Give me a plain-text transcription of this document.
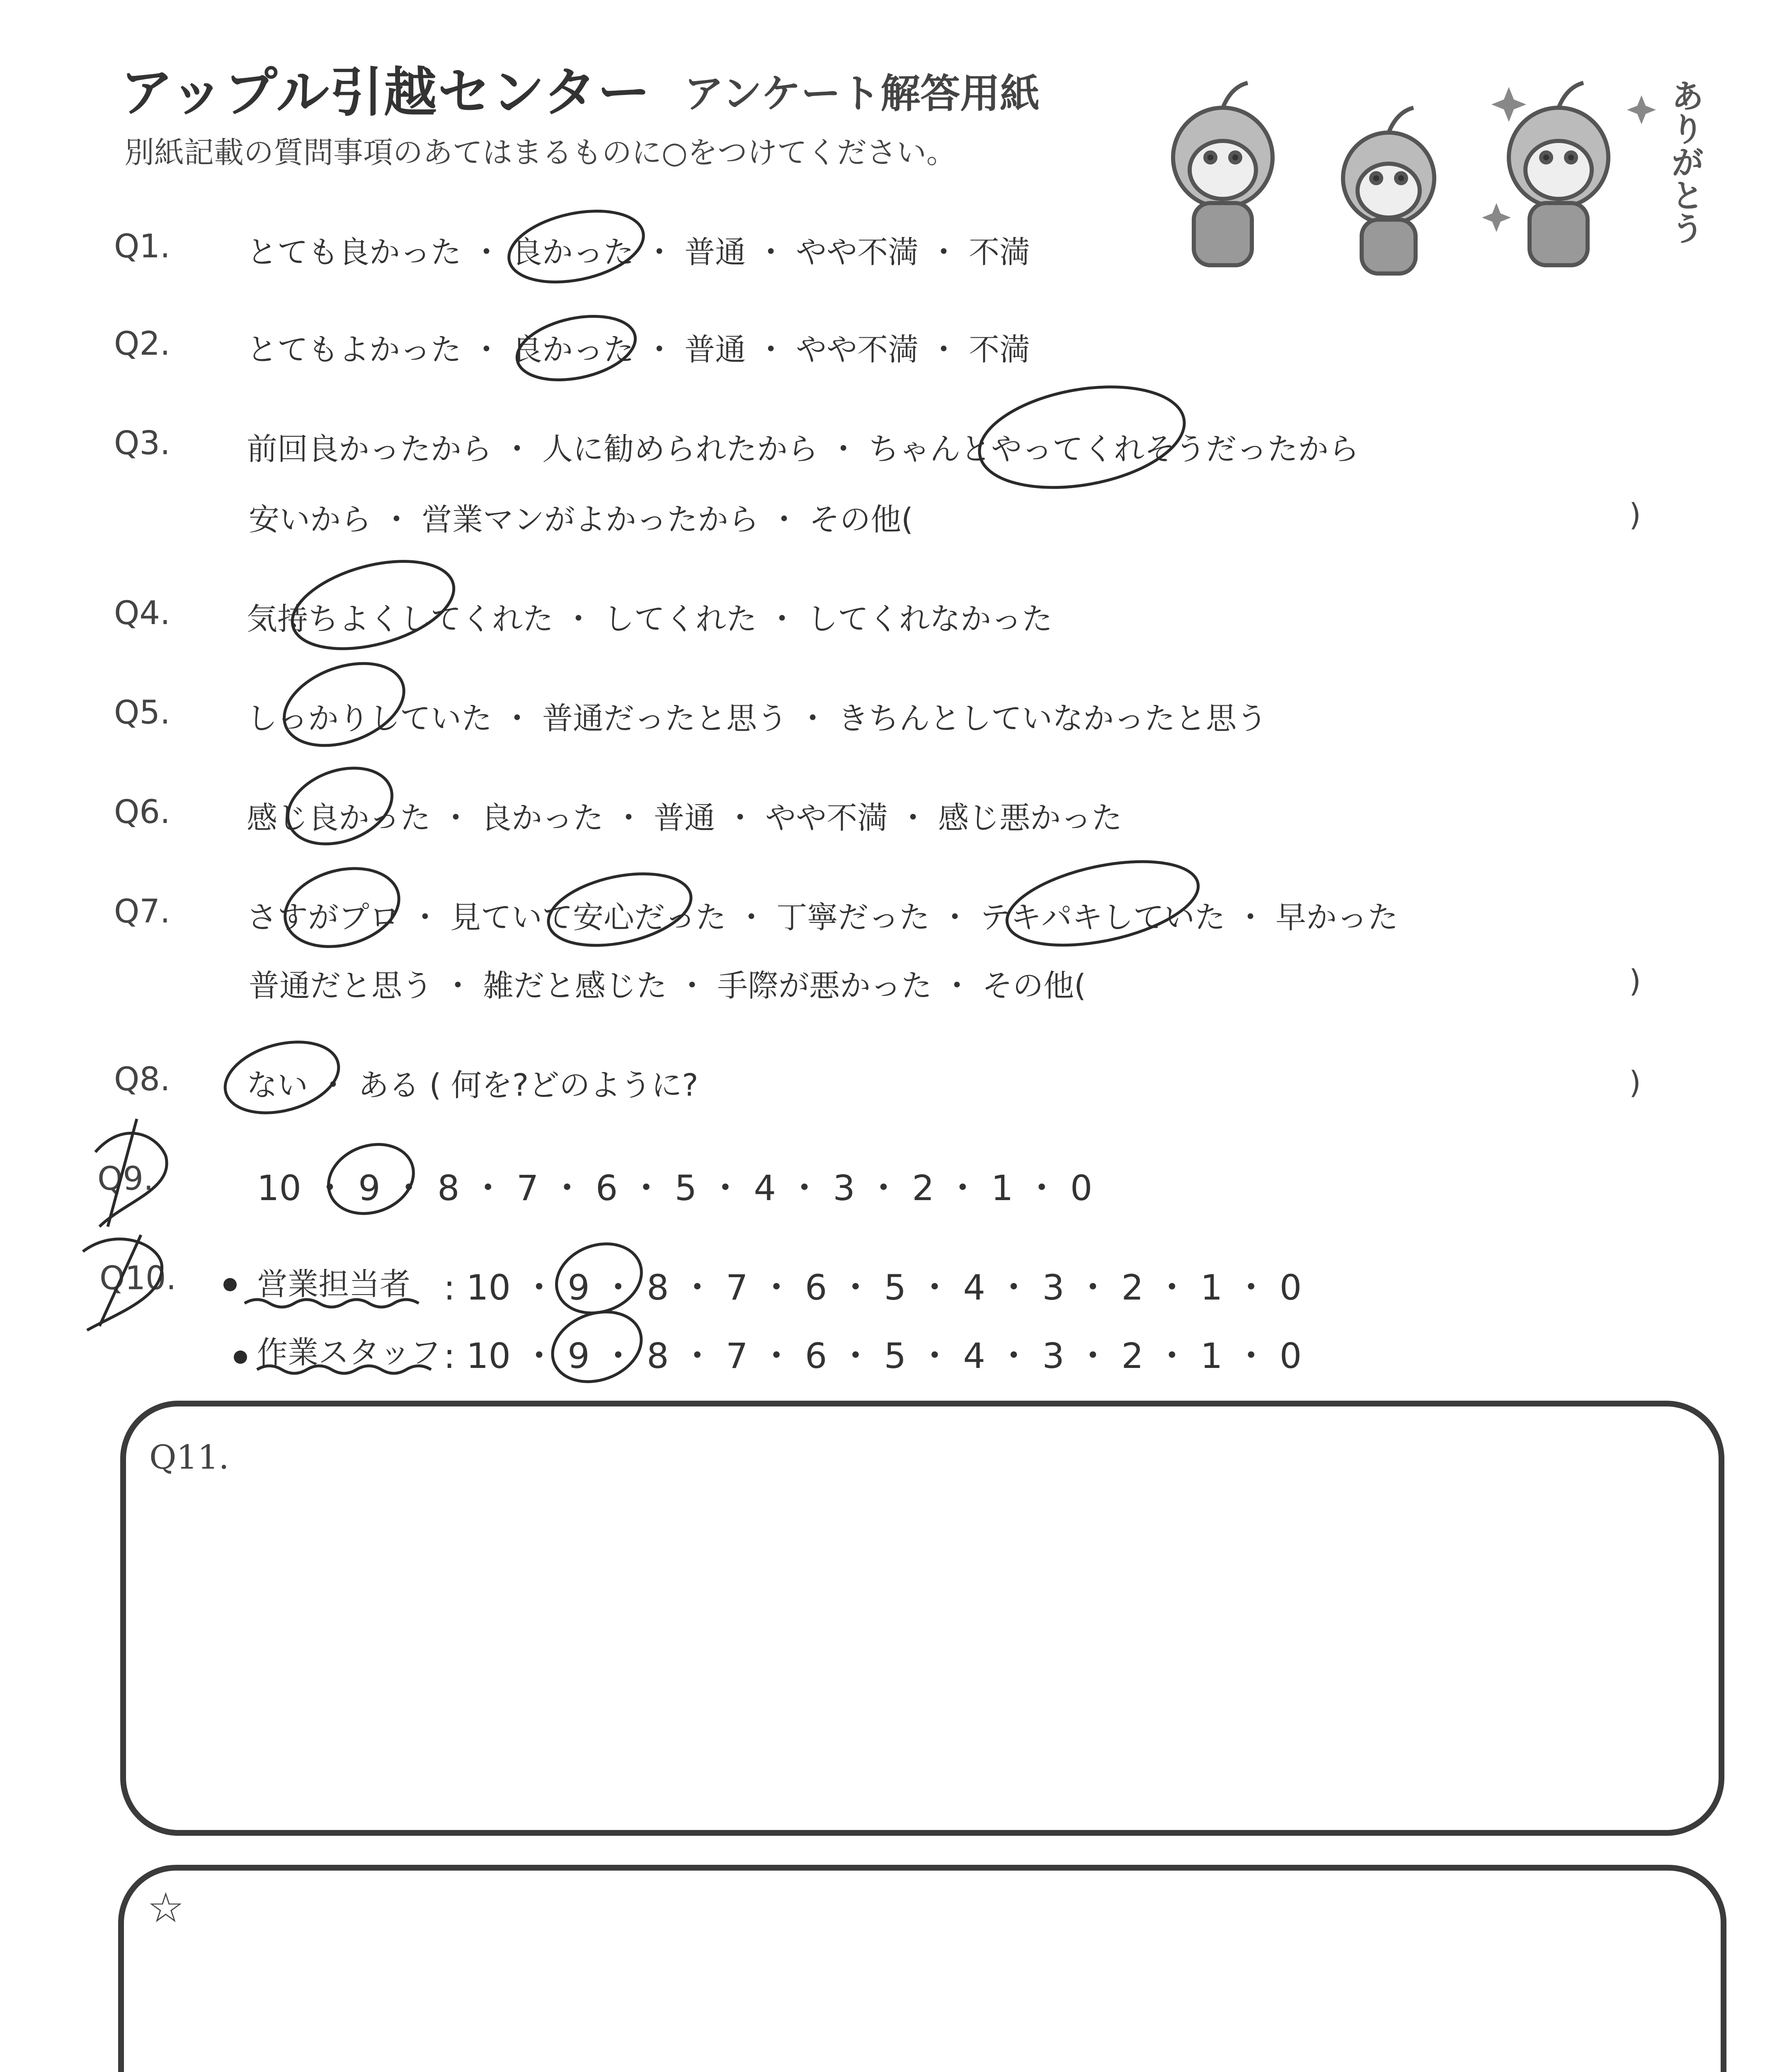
アップル引越センター アンケート解答用紙
別紙記載の質問事項のあてはまるものに○をつけてください。	ありがとう
Q1. とても良かった ・ 良かった ・ 普通 ・ やや不満 ・ 不満
Q2. とてもよかった ・ 良かった ・ 普通 ・ やや不満 ・ 不満
Q3. 前回良かったから ・ 人に勧められたから ・ ちゃんとやってくれそうだったから
安いから ・ 営業マンがよかったから ・ その他(	)
Q4. 気持ちよくしてくれた ・ してくれた ・ してくれなかった
Q5. しっかりしていた ・ 普通だったと思う ・ きちんとしていなかったと思う
Q6. 感じ良かった ・ 良かった ・ 普通 ・ やや不満 ・ 感じ悪かった
Q7. さすがプロ ・ 見ていて安心だった ・ 丁寧だった ・ テキパキしていた ・ 早かった
普通だと思う ・ 雑だと感じた ・ 手際が悪かった ・ その他(	)
Q8. ない ・ ある ( 何を?どのように?	)
Q9.	10 ・ 9 ・ 8 ・ 7 ・ 6 ・ 5 ・ 4 ・ 3 ・ 2 ・ 1 ・ 0
Q10.	営業担当者 : 10 ・ 9 ・ 8 ・ 7 ・ 6 ・ 5 ・ 4 ・ 3 ・ 2 ・ 1 ・ 0
作業スタッフ : 10 ・ 9 ・ 8 ・ 7 ・ 6 ・ 5 ・ 4 ・ 3 ・ 2 ・ 1 ・ 0
Q11.
☆
